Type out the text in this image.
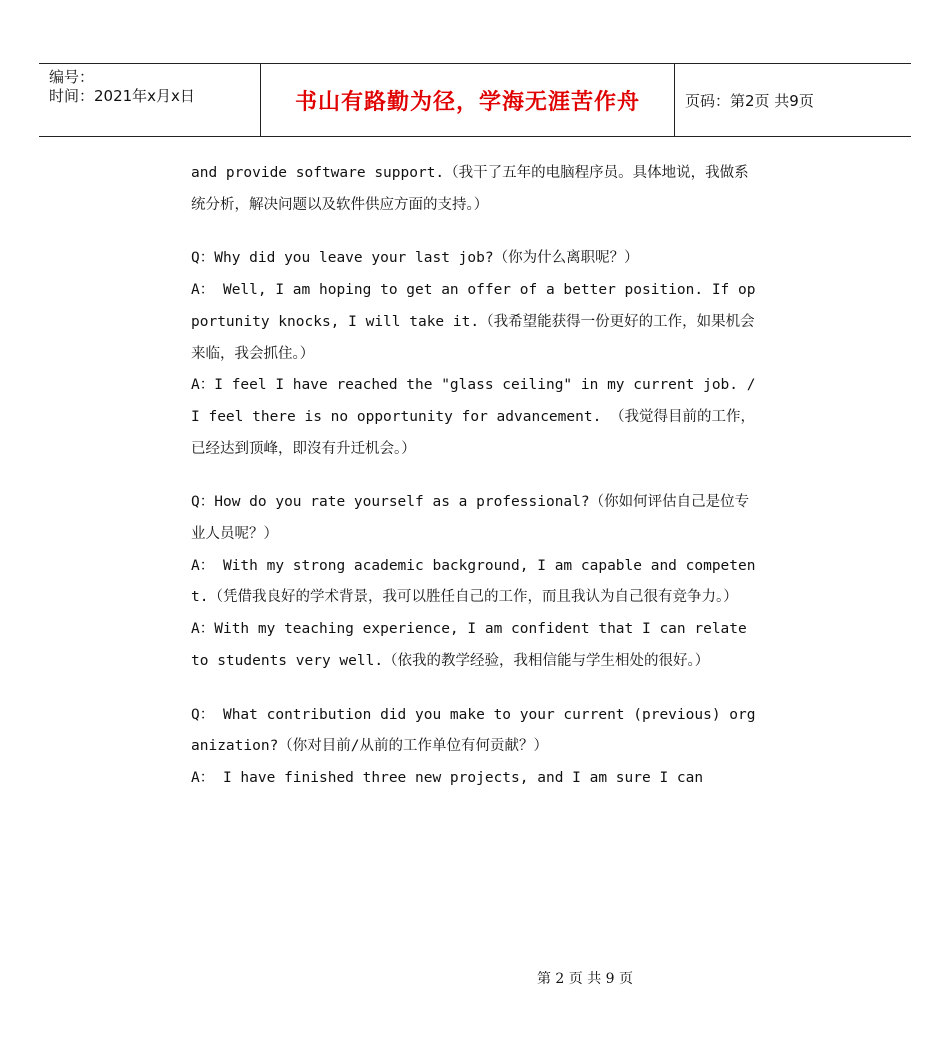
编号：
时间：2021年x月x日	书山有路勤为径，学海无涯苦作舟	页码：第2页 共9页

and provide software support.（我干了五年的电脑程序员。具体地说，我做系统分析，解决问题以及软件供应方面的支持。）

Q：Why did you leave your last job?（你为什么离职呢？）

A： Well, I am hoping to get an offer of a better position. If opportunity knocks, I will take it.（我希望能获得一份更好的工作，如果机会来临，我会抓住。）

A：I feel I have reached the "glass ceiling" in my current job. / I feel there is no opportunity for advancement. （我觉得目前的工作，已经达到顶峰，即沒有升迁机会。）

Q：How do you rate yourself as a professional?（你如何评估自己是位专业人员呢？）

A： With my strong academic background, I am capable and competent.（凭借我良好的学术背景，我可以胜任自己的工作，而且我认为自己很有竞争力。）

A：With my teaching experience, I am confident that I can relate to students very well.（依我的教学经验，我相信能与学生相处的很好。）

Q： What contribution did you make to your current (previous) organization?（你对目前/从前的工作单位有何贡献？）

A： I have finished three new projects, and I am sure I can

第 2 页 共 9 页
